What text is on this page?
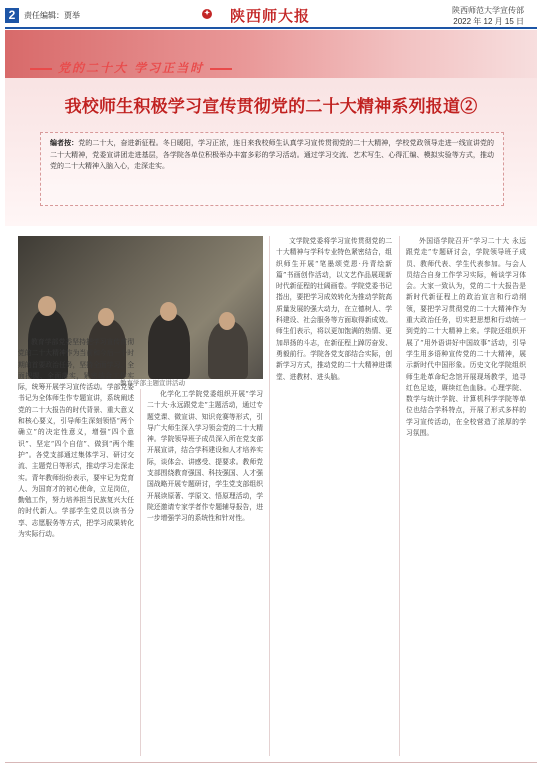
2	责任编辑：贾举	✦	陕西师大报	陕西师范大学宣传部
2022 年 12 月 15 日
党的二十大 学习正当时
我校师生积极学习宣传贯彻党的二十大精神系列报道②
编者按：党的二十大，奋进新征程。冬日暖阳，学习正浓，连日来我校师生认真学习宣传贯彻党的二十大精神，学校党政领导走进一线宣讲党的二十大精神，党委宣讲团走进基层，各学院各单位积极举办丰富多彩的学习活动。通过学习交流、艺术写生、心得汇编、模拟实验等方式，推动党的二十大精神入脑入心，走深走实。
教育学部主题宣讲活动
教育学部党委坚持把学习宣传贯彻党的二十大精神作为当前和今后一个时期的首要政治任务，坚持全面学习、全面把握、全面落实，紧密结合工作实际，统筹开展学习宣传活动。学部党委书记为全体师生作专题宣讲，系统阐述党的二十大报告的时代背景、重大意义和核心要义，引导师生深刻领悟“两个确立”的决定性意义，增强“四个意识”、坚定“四个自信”、做到“两个维护”。各党支部通过集体学习、研讨交流、主题党日等形式，推动学习走深走实。青年教师纷纷表示，要牢记为党育人、为国育才的初心使命，立足岗位，勤勉工作，努力培养担当民族复兴大任的时代新人。学部学生党员以读书分享、志愿服务等方式，把学习成果转化为实际行动。
化学化工学院党委组织开展“学习二十大·永远跟党走”主题活动，通过专题党课、微宣讲、知识竞赛等形式，引导广大师生深入学习领会党的二十大精神。学院领导班子成员深入所在党支部开展宣讲，结合学科建设和人才培养实际，谈体会、讲感受、提要求。教师党支部围绕教育强国、科技强国、人才强国战略开展专题研讨，学生党支部组织开展读原著、学原文、悟原理活动，学院还邀请专家学者作专题辅导报告，进一步增强学习的系统性和针对性。
文学院党委将学习宣传贯彻党的二十大精神与学科专业特色紧密结合，组织师生开展“笔墨颂党恩·丹青绘新篇”书画创作活动，以文艺作品展现新时代新征程的壮阔画卷。学院党委书记指出，要把学习成效转化为推动学院高质量发展的强大动力，在立德树人、学科建设、社会服务等方面取得新成效。师生们表示，将以更加饱满的热情、更加昂扬的斗志，在新征程上踔厉奋发、勇毅前行。学院各党支部结合实际，创新学习方式，推动党的二十大精神进课堂、进教材、进头脑。
外国语学院召开“学习二十大 永远跟党走”专题研讨会，学院领导班子成员、教师代表、学生代表参加。与会人员结合自身工作学习实际，畅谈学习体会。大家一致认为，党的二十大报告是新时代新征程上的政治宣言和行动纲领，要把学习贯彻党的二十大精神作为重大政治任务，切实把思想和行动统一到党的二十大精神上来。学院还组织开展了“用外语讲好中国故事”活动，引导学生用多语种宣传党的二十大精神，展示新时代中国形象。历史文化学院组织师生赴革命纪念馆开展现场教学，追寻红色足迹，赓续红色血脉。心理学院、数学与统计学院、计算机科学学院等单位也结合学科特点，开展了形式多样的学习宣传活动，在全校营造了浓厚的学习氛围。
